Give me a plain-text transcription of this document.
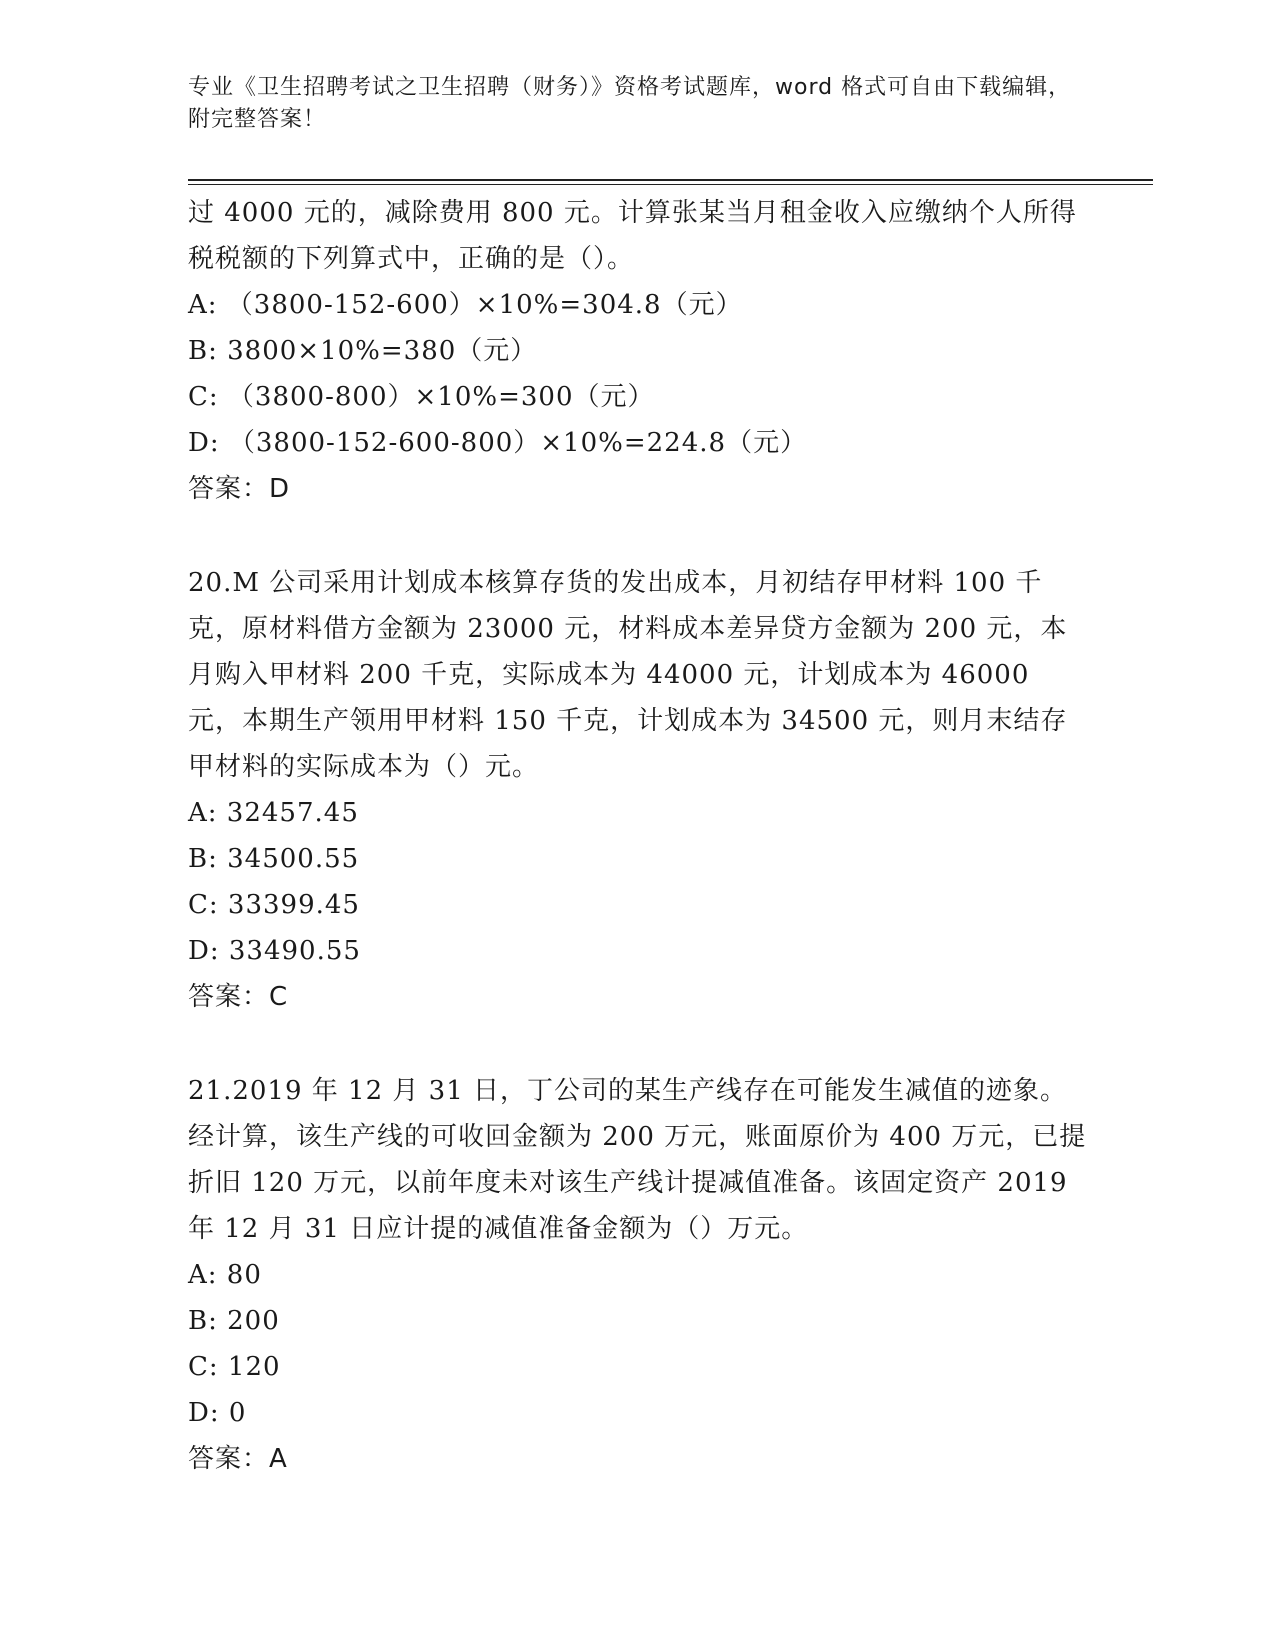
专业《卫生招聘考试之卫生招聘（财务）》资格考试题库，word 格式可自由下载编辑，附完整答案！

过 4000 元的，减除费用 800 元。计算张某当月租金收入应缴纳个人所得税税额的下列算式中，正确的是（）。

A: （3800-152-600）×10%=304.8（元）

B: 3800×10%=380（元）

C: （3800-800）×10%=300（元）

D: （3800-152-600-800）×10%=224.8（元）

答案：D

20.M 公司采用计划成本核算存货的发出成本，月初结存甲材料 100 千克，原材料借方金额为 23000 元，材料成本差异贷方金额为 200 元，本月购入甲材料 200 千克，实际成本为 44000 元，计划成本为 46000 元，本期生产领用甲材料 150 千克，计划成本为 34500 元，则月末结存甲材料的实际成本为（）元。

A: 32457.45

B: 34500.55

C: 33399.45

D: 33490.55

答案：C

21.2019 年 12 月 31 日，丁公司的某生产线存在可能发生减值的迹象。经计算，该生产线的可收回金额为 200 万元，账面原价为 400 万元，已提折旧 120 万元，以前年度未对该生产线计提减值准备。该固定资产 2019 年 12 月 31 日应计提的减值准备金额为（）万元。

A: 80

B: 200

C: 120

D: 0

答案：A
